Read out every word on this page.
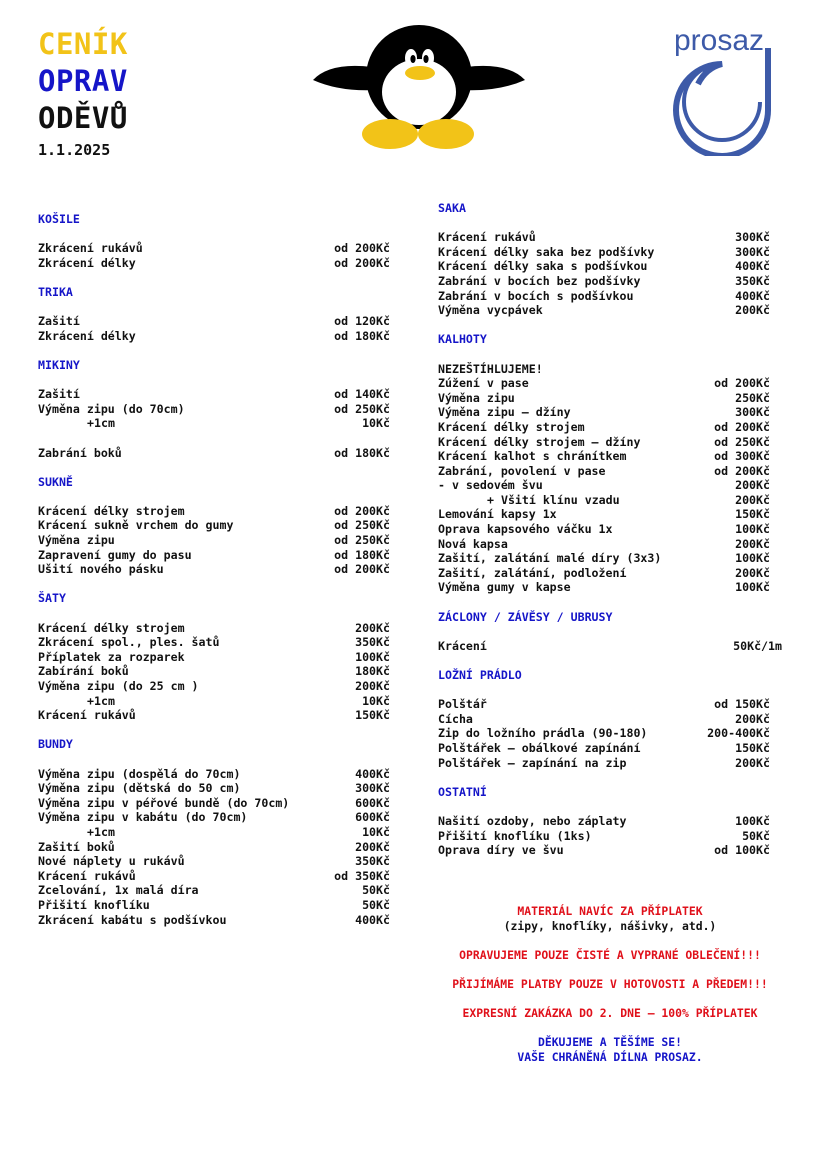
CENÍK
OPRAV
ODĚVŮ
1.1.2025
prosaz
KOŠILE
Zkrácení rukávů	od 200Kč
Zkrácení délky	od 200Kč
TRIKA
Zašití	od 120Kč
Zkrácení délky	od 180Kč
MIKINY
Zašití	od 140Kč
Výměna zipu (do 70cm)	od 250Kč
+1cm	10Kč
Zabrání boků	od 180Kč
SUKNĚ
Krácení délky strojem	od 200Kč
Krácení sukně vrchem do gumy	od 250Kč
Výměna zipu	od 250Kč
Zapravení gumy do pasu	od 180Kč
Ušití nového pásku	od 200Kč
ŠATY
Krácení délky strojem	200Kč
Zkrácení spol., ples. šatů	350Kč
Příplatek za rozparek	100Kč
Zabírání boků	180Kč
Výměna zipu (do 25 cm )	200Kč
+1cm	10Kč
Krácení rukávů	150Kč
BUNDY
Výměna zipu (dospělá do 70cm)	400Kč
Výměna zipu (dětská do 50 cm)	300Kč
Výměna zipu v péřové bundě (do 70cm)	600Kč
Výměna zipu v kabátu (do 70cm)	600Kč
+1cm	10Kč
Zašití boků	200Kč
Nové náplety u rukávů	350Kč
Krácení rukávů	od 350Kč
Zcelování, 1x malá díra	50Kč
Přišití knoflíku	50Kč
Zkrácení kabátu s podšívkou	400Kč
SAKA
Krácení rukávů	300Kč
Krácení délky saka bez podšívky	300Kč
Krácení délky saka s podšívkou	400Kč
Zabrání v bocích bez podšívky	350Kč
Zabrání v bocích s podšívkou	400Kč
Výměna vycpávek	200Kč
KALHOTY
NEZEŠTÍHLUJEME!
Zúžení v pase	od 200Kč
Výměna zipu	250Kč
Výměna zipu – džíny	300Kč
Krácení délky strojem	od 200Kč
Krácení délky strojem – džíny	od 250Kč
Krácení kalhot s chránítkem	od 300Kč
Zabrání, povolení v pase	od 200Kč
- v sedovém švu	200Kč
+ Všití klínu vzadu	200Kč
Lemování kapsy 1x	150Kč
Oprava kapsového váčku 1x	100Kč
Nová kapsa	200Kč
Zašití, zalátání malé díry (3x3)	100Kč
Zašití, zalátání, podložení	200Kč
Výměna gumy v kapse	100Kč
ZÁCLONY / ZÁVĚSY / UBRUSY
Krácení	50Kč/1m
LOŽNÍ PRÁDLO
Polštář	od 150Kč
Cícha	200Kč
Zip do ložního prádla (90-180)	200-400Kč
Polštářek – obálkové zapínání	150Kč
Polštářek – zapínání na zip	200Kč
OSTATNÍ
Našití ozdoby, nebo záplaty	100Kč
Přišití knoflíku (1ks)	50Kč
Oprava díry ve švu	od 100Kč
MATERIÁL NAVÍC ZA PŘÍPLATEK
(zipy, knoflíky, nášivky, atd.)
OPRAVUJEME POUZE ČISTÉ A VYPRANÉ OBLEČENÍ!!!
PŘIJÍMÁME PLATBY POUZE V HOTOVOSTI A PŘEDEM!!!
EXPRESNÍ ZAKÁZKA DO 2. DNE – 100% PŘÍPLATEK
DĚKUJEME A TĚŠÍME SE!
VAŠE CHRÁNĚNÁ DÍLNA PROSAZ.
